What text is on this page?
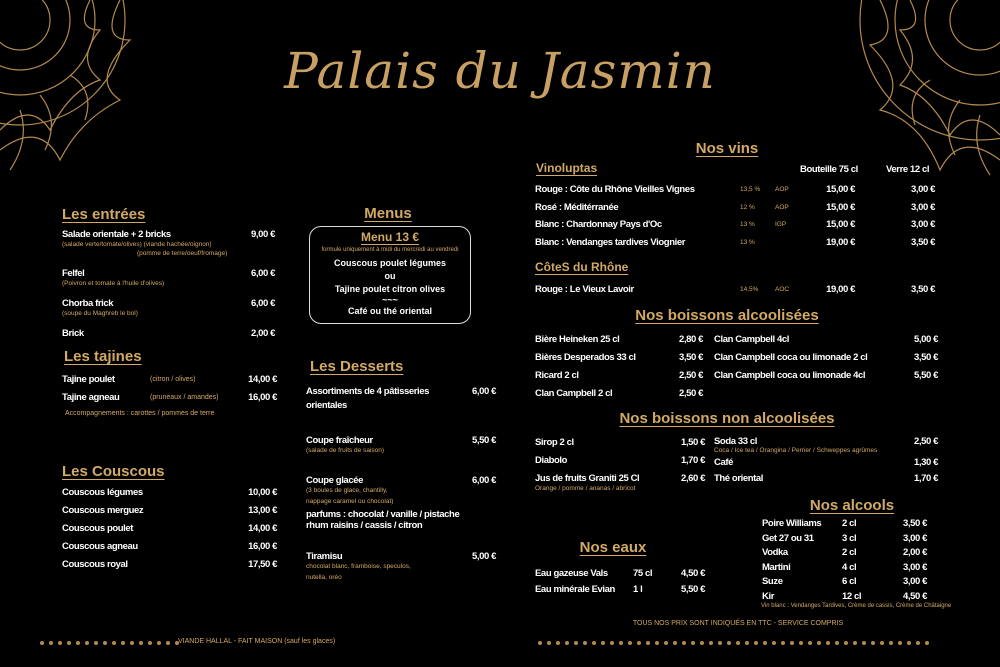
Palais du Jasmin
Les entrées
Salade orientale + 2 bricks	9,00 €
(salade verte/tomate/olives) (viande hachée/oignon)
(pomme de terre/oeuf/fromage)
Felfel	6,00 €
(Poivron et tomate à l'huile d'olives)
Chorba frick	6,00 €
(soupe du Maghreb le bol)
Brick	2,00 €
Les tajines
Tajine poulet	(citron / olives)	14,00 €
Tajine agneau	(pruneaux / amandes)	16,00 €
Accompagnements : carottes / pommes de terre
Les Couscous
Couscous légumes	10,00 €
Couscous merguez	13,00 €
Couscous poulet	14,00 €
Couscous agneau	16,00 €
Couscous royal	17,50 €
Menus
Menu 13 €
formule uniquement à midi du mercredi au vendredi
Couscous poulet légumes
ou
Tajine poulet citron olives
~~~
Café ou thé oriental
Les Desserts
Assortiments de 4 pâtisseries	6,00 €
orientales
Coupe fraîcheur	5,50 €
(salade de fruits de saison)
Coupe glacée	6,00 €
(3 boules de glace, chantilly,
nappage caramel ou chocolat)
parfums : chocolat / vanille / pistache
rhum raisins / cassis / citron
Tiramisu	5,00 €
chocolat blanc, framboise, speculos,
nutella, oréo
Nos vins
Vinoluptas	Bouteille 75 cl	Verre 12 cl
Rouge : Côte du Rhône Vieilles Vignes	13,5 % AOP	15,00 €	3,00 €
Rosé : Méditérranée	12 %	AOP	15,00 €	3,00 €
Blanc : Chardonnay Pays d'Oc	13 %	IGP	15,00 €	3,00 €
Blanc : Vendanges tardives Viognier	13 %	19,00 €	3,50 €
CôteS du Rhône
Rouge : Le Vieux Lavoir	14,5%	AOC	19,00 €	3,50 €
Nos boissons alcoolisées
Bière Heineken 25 cl	2,80 €
Bières Desperados 33 cl	3,50 €
Ricard 2 cl	2,50 €
Clan Campbell 2 cl	2,50 €
Clan Campbell 4cl	5,00 €
Clan Campbell coca ou limonade 2 cl	3,50 €
Clan Campbell coca ou limonade 4cl	5,50 €
Nos boissons non alcoolisées
Sirop 2 cl	1,50 €
Diabolo	1,70 €
Jus de fruits Graniti 25 Cl	2,60 €
Orange / pomme / ananas / abricot
Soda 33 cl	2,50 €
Coca / Ice tea / Orangina / Perrier / Schweppes agrûmes
Café	1,30 €
Thé oriental	1,70 €
Nos alcools
Poire Williams 2 cl	3,50 €
Get 27 ou 31	3 cl	3,00 €
Vodka	2 cl	2,00 €
Martini	4 cl	3,00 €
Suze	6 cl	3,00 €
Kir	12 cl	4,50 €
Vin blanc : Vendanges Tardives, Crème de cassis, Crème de Châtaigne
Nos eaux
Eau gazeuse Vals	75 cl	4,50 €
Eau minérale Evian 1 l	5,50 €
TOUS NOS PRIX SONT INDIQUÉS EN TTC - SERVICE COMPRIS
VIANDE HALLAL - FAIT MAISON (sauf les glaces)
